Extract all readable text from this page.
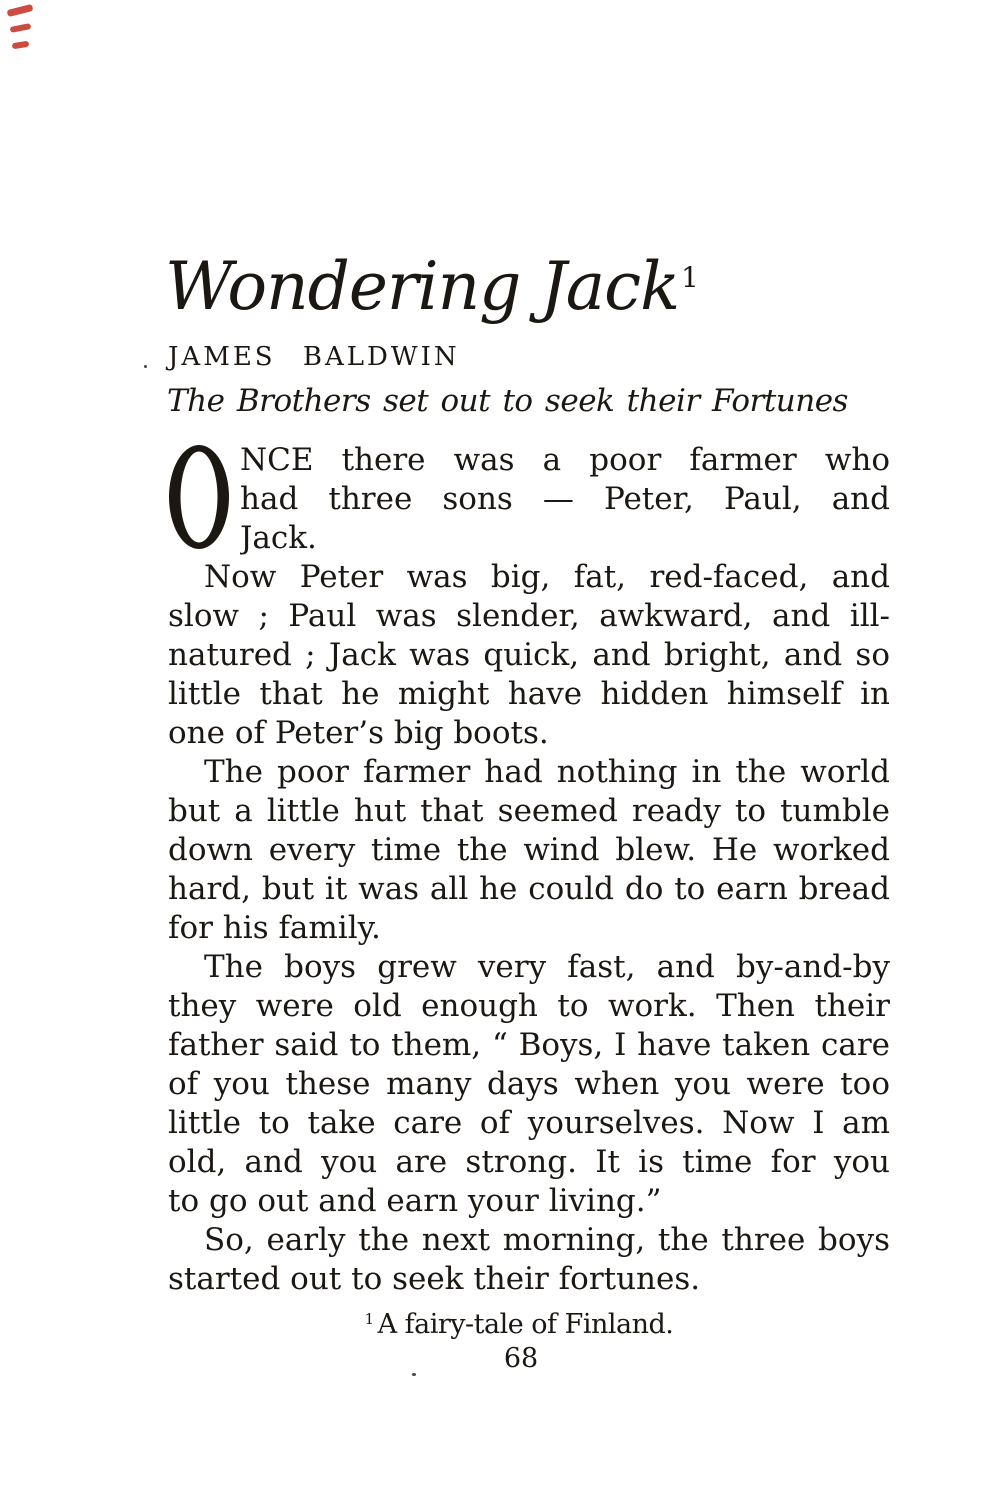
Wondering Jack$^1$
JAMES BALDWIN
The Brothers set out to seek their Fortunes
NCE there was a poor farmer who
had three sons — Peter, Paul, and
Jack.
Now Peter was big, fat, red-faced, and
slow ; Paul was slender, awkward, and ill-
natured ; Jack was quick, and bright, and so
little that he might have hidden himself in
one of Peter’s big boots.
The poor farmer had nothing in the world
but a little hut that seemed ready to tumble
down every time the wind blew. He worked
hard, but it was all he could do to earn bread
for his family.
The boys grew very fast, and by-and-by
they were old enough to work. Then their
father said to them, “ Boys, I have taken care
of you these many days when you were too
little to take care of yourselves. Now I am
old, and you are strong. It is time for you
to go out and earn your living.”
So, early the next morning, the three boys
started out to seek their fortunes.
$^1$ A fairy-tale of Finland.
68
